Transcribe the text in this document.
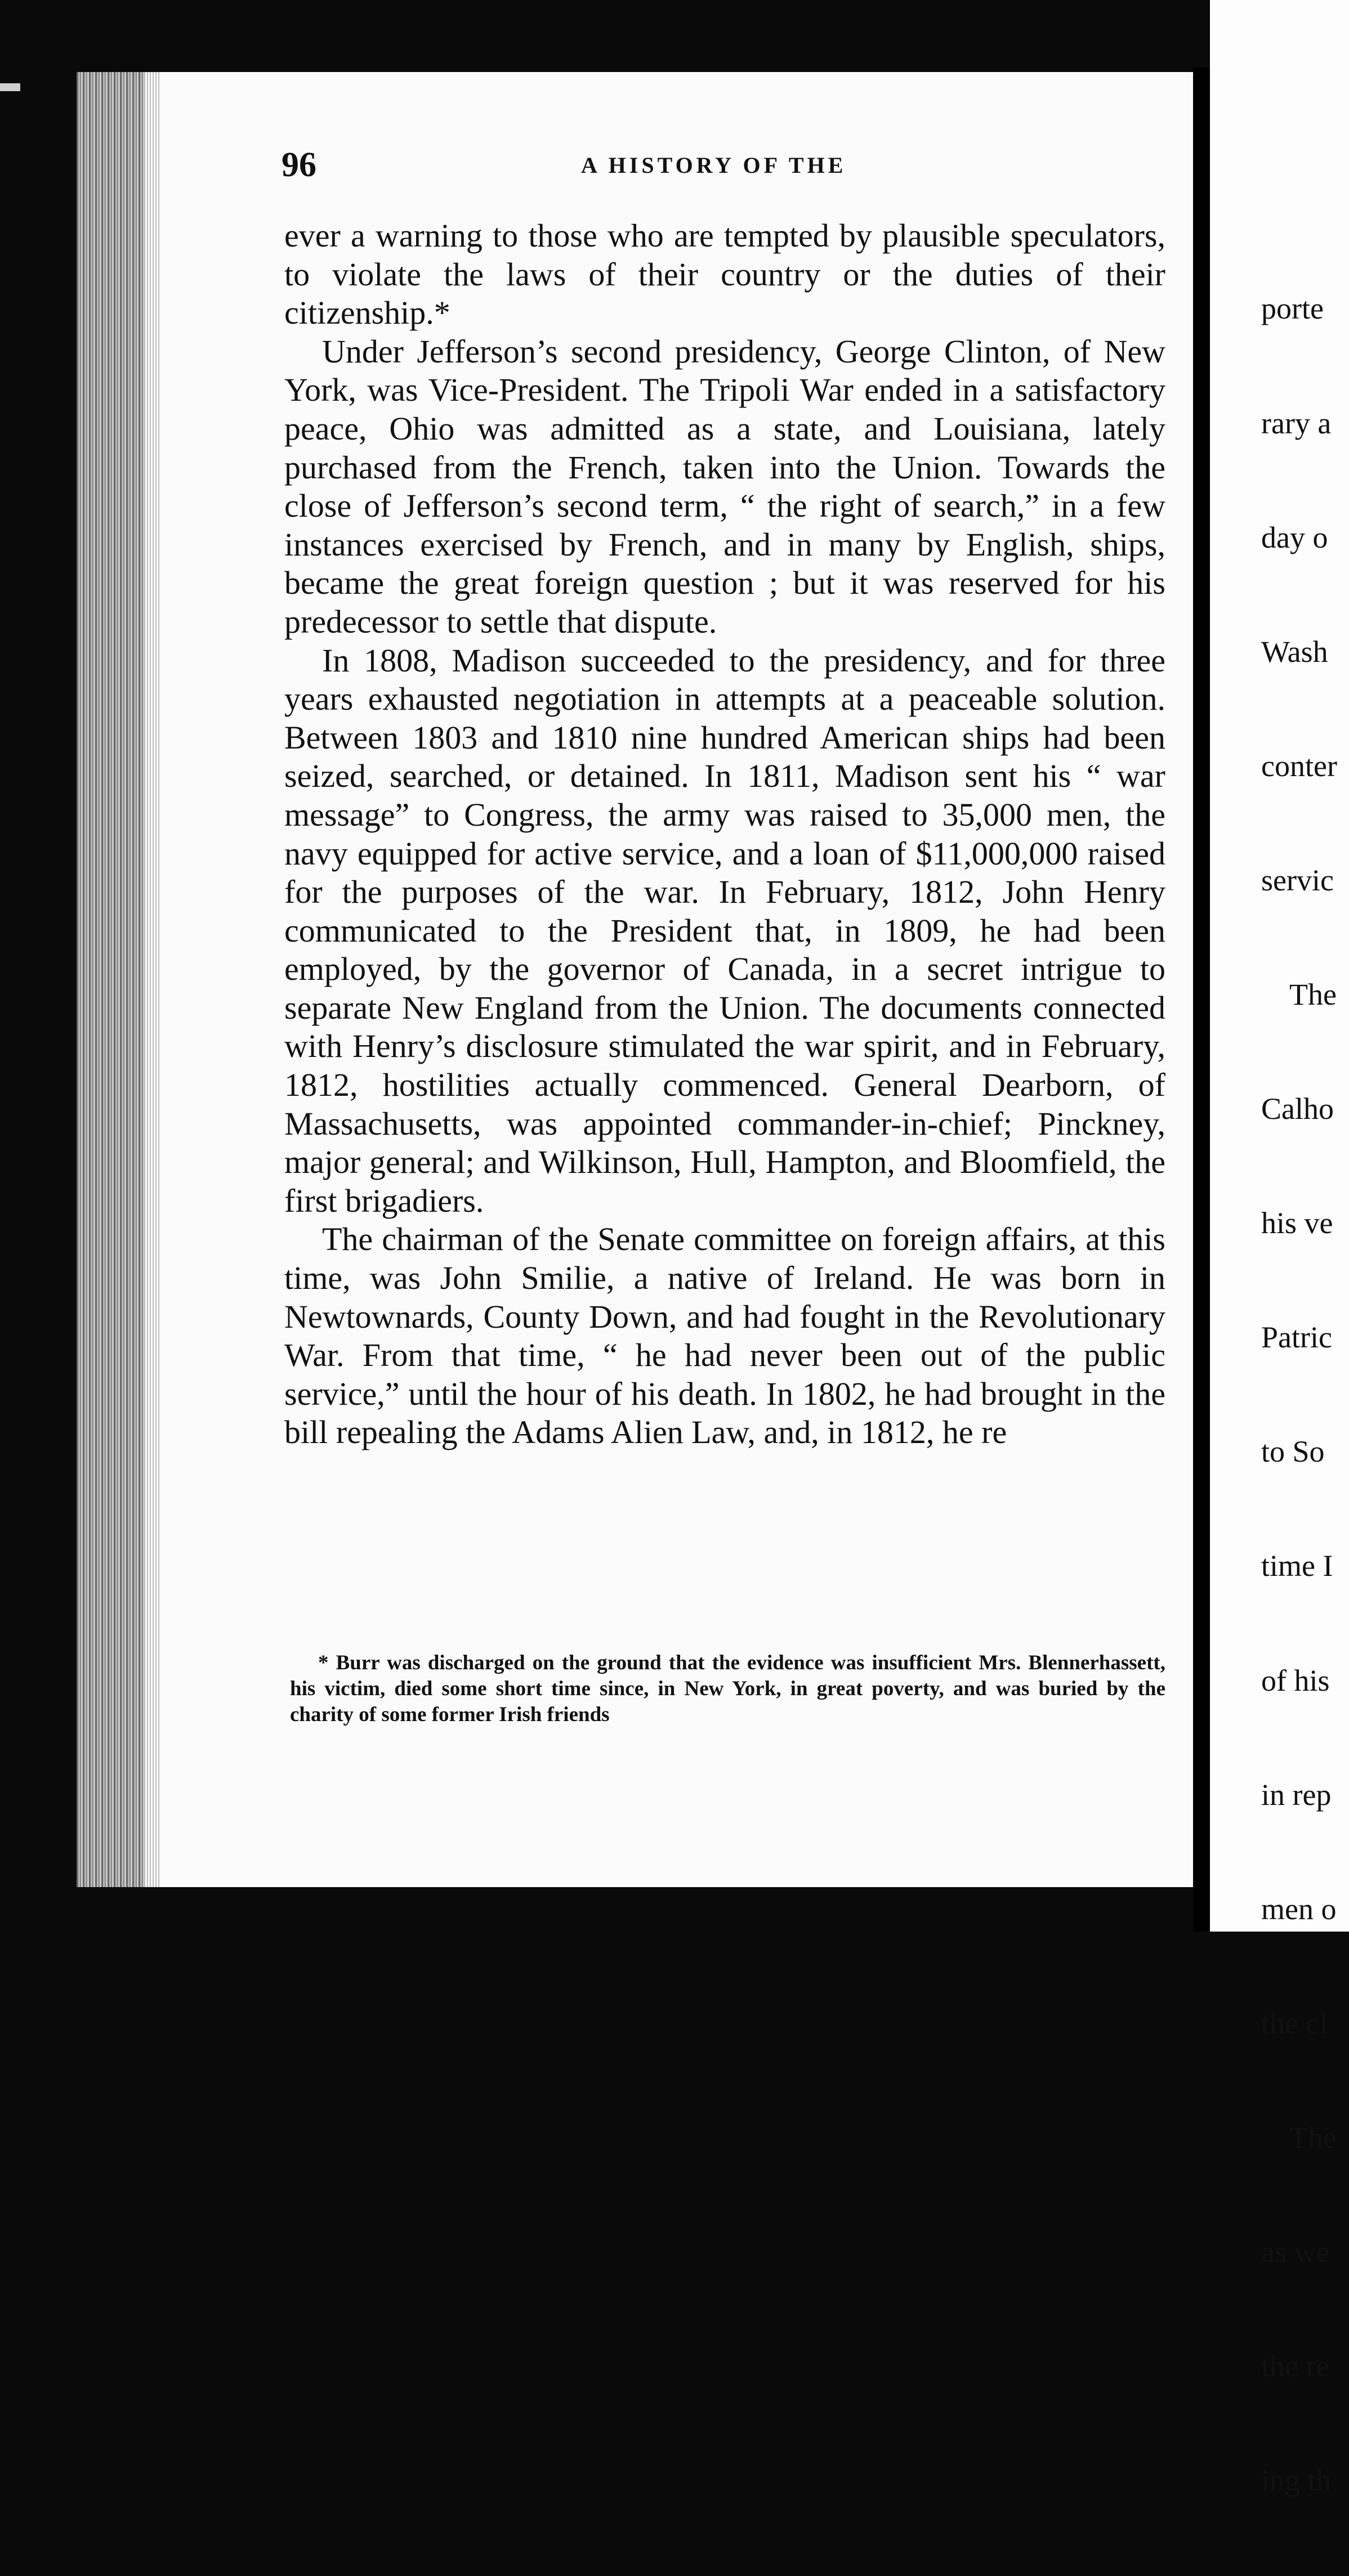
96	A HISTORY OF THE

ever a warning to those who are tempted by plausible speculators, to violate the laws of their country or the duties of their citizenship.*

Under Jefferson’s second presidency, George Clinton, of New York, was Vice-President. The Tripoli War ended in a satisfactory peace, Ohio was admitted as a state, and Louisiana, lately purchased from the French, taken into the Union. Towards the close of Jefferson’s second term, “ the right of search,” in a few instances exercised by French, and in many by English, ships, became the great foreign question ; but it was reserved for his predecessor to settle that dispute.

In 1808, Madison succeeded to the presidency, and for three years exhausted negotiation in attempts at a peaceable solution. Between 1803 and 1810 nine hundred American ships had been seized, searched, or detained. In 1811, Madison sent his “ war message” to Congress, the army was raised to 35,000 men, the navy equipped for active service, and a loan of $11,000,000 raised for the purposes of the war. In February, 1812, John Henry communicated to the President that, in 1809, he had been employed, by the governor of Canada, in a secret intrigue to separate New England from the Union. The documents connected with Henry’s disclosure stimulated the war spirit, and in February, 1812, hostilities actually commenced. General Dearborn, of Massachusetts, was appointed commander-in-chief; Pinckney, major general; and Wilkinson, Hull, Hampton, and Bloomfield, the first brigadiers.

The chairman of the Senate committee on foreign affairs, at this time, was John Smilie, a native of Ireland. He was born in Newtownards, County Down, and had fought in the Revolutionary War. From that time, “ he had never been out of the public service,” until the hour of his death. In 1802, he had brought in the bill repealing the Adams Alien Law, and, in 1812, he re

* Burr was discharged on the ground that the evidence was insufficient Mrs. Blennerhassett, his victim, died some short time since, in New York, in great poverty, and was buried by the charity of some former Irish friends

porte

rary a

day o

Wash

conter

servic

The

Calho

his ve

Patric

to So

time I

of his

in rep

men o

the cl

The

as we

the re

ing th
